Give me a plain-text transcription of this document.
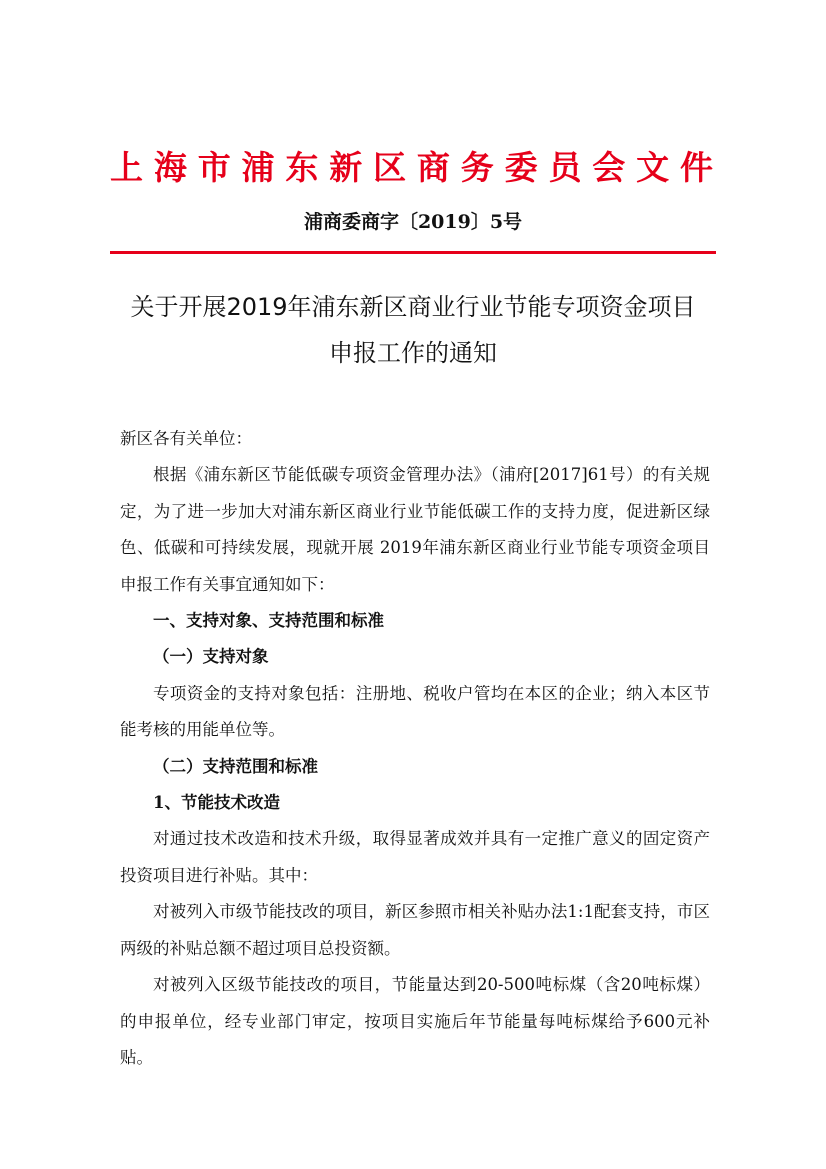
上海市浦东新区商务委员会文件
浦商委商字〔2019〕5号
关于开展2019年浦东新区商业行业节能专项资金项目
申报工作的通知

新区各有关单位：

根据《浦东新区节能低碳专项资金管理办法》（浦府[2017]61号）的有关规定，为了进一步加大对浦东新区商业行业节能低碳工作的支持力度，促进新区绿色、低碳和可持续发展，现就开展 2019年浦东新区商业行业节能专项资金项目申报工作有关事宜通知如下：

一、支持对象、支持范围和标准

（一）支持对象

专项资金的支持对象包括：注册地、税收户管均在本区的企业；纳入本区节能考核的用能单位等。

（二）支持范围和标准

1、节能技术改造

对通过技术改造和技术升级，取得显著成效并具有一定推广意义的固定资产投资项目进行补贴。其中：

对被列入市级节能技改的项目，新区参照市相关补贴办法1:1配套支持，市区两级的补贴总额不超过项目总投资额。

对被列入区级节能技改的项目，节能量达到20-500吨标煤（含20吨标煤）的申报单位，经专业部门审定，按项目实施后年节能量每吨标煤给予600元补贴。
